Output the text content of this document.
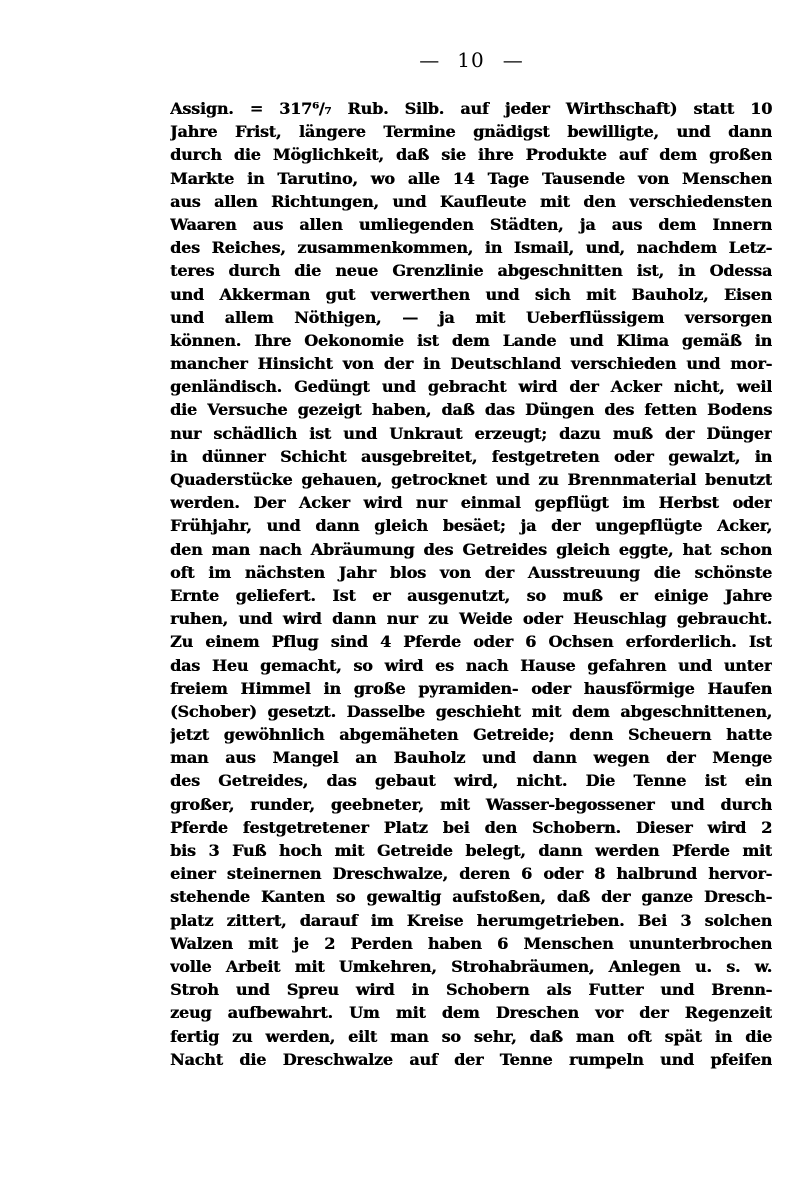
— 10 —
Assign. = 317⁶/₇ Rub. Silb. auf jeder Wirthschaft) statt 10
Jahre Frist, längere Termine gnädigst bewilligte, und dann
durch die Möglichkeit, daß sie ihre Produkte auf dem großen
Markte in Tarutino, wo alle 14 Tage Tausende von Menschen
aus allen Richtungen, und Kaufleute mit den verschiedensten
Waaren aus allen umliegenden Städten, ja aus dem Innern
des Reiches, zusammenkommen, in Ismail, und, nachdem Letz-
teres durch die neue Grenzlinie abgeschnitten ist, in Odessa
und Akkerman gut verwerthen und sich mit Bauholz, Eisen
und allem Nöthigen, — ja mit Ueberflüssigem versorgen
können. Ihre Oekonomie ist dem Lande und Klima gemäß in
mancher Hinsicht von der in Deutschland verschieden und mor-
genländisch. Gedüngt und gebracht wird der Acker nicht, weil
die Versuche gezeigt haben, daß das Düngen des fetten Bodens
nur schädlich ist und Unkraut erzeugt; dazu muß der Dünger
in dünner Schicht ausgebreitet, festgetreten oder gewalzt, in
Quaderstücke gehauen, getrocknet und zu Brennmaterial benutzt
werden. Der Acker wird nur einmal gepflügt im Herbst oder
Frühjahr, und dann gleich besäet; ja der ungepflügte Acker,
den man nach Abräumung des Getreides gleich eggte, hat schon
oft im nächsten Jahr blos von der Ausstreuung die schönste
Ernte geliefert. Ist er ausgenutzt, so muß er einige Jahre
ruhen, und wird dann nur zu Weide oder Heuschlag gebraucht.
Zu einem Pflug sind 4 Pferde oder 6 Ochsen erforderlich. Ist
das Heu gemacht, so wird es nach Hause gefahren und unter
freiem Himmel in große pyramiden- oder hausförmige Haufen
(Schober) gesetzt. Dasselbe geschieht mit dem abgeschnittenen,
jetzt gewöhnlich abgemäheten Getreide; denn Scheuern hatte
man aus Mangel an Bauholz und dann wegen der Menge
des Getreides, das gebaut wird, nicht. Die Tenne ist ein
großer, runder, geebneter, mit Wasser-begossener und durch
Pferde festgetretener Platz bei den Schobern. Dieser wird 2
bis 3 Fuß hoch mit Getreide belegt, dann werden Pferde mit
einer steinernen Dreschwalze, deren 6 oder 8 halbrund hervor-
stehende Kanten so gewaltig aufstoßen, daß der ganze Dresch-
platz zittert, darauf im Kreise herumgetrieben. Bei 3 solchen
Walzen mit je 2 Perden haben 6 Menschen ununterbrochen
volle Arbeit mit Umkehren, Strohabräumen, Anlegen u. s. w.
Stroh und Spreu wird in Schobern als Futter und Brenn-
zeug aufbewahrt. Um mit dem Dreschen vor der Regenzeit
fertig zu werden, eilt man so sehr, daß man oft spät in die
Nacht die Dreschwalze auf der Tenne rumpeln und pfeifen
